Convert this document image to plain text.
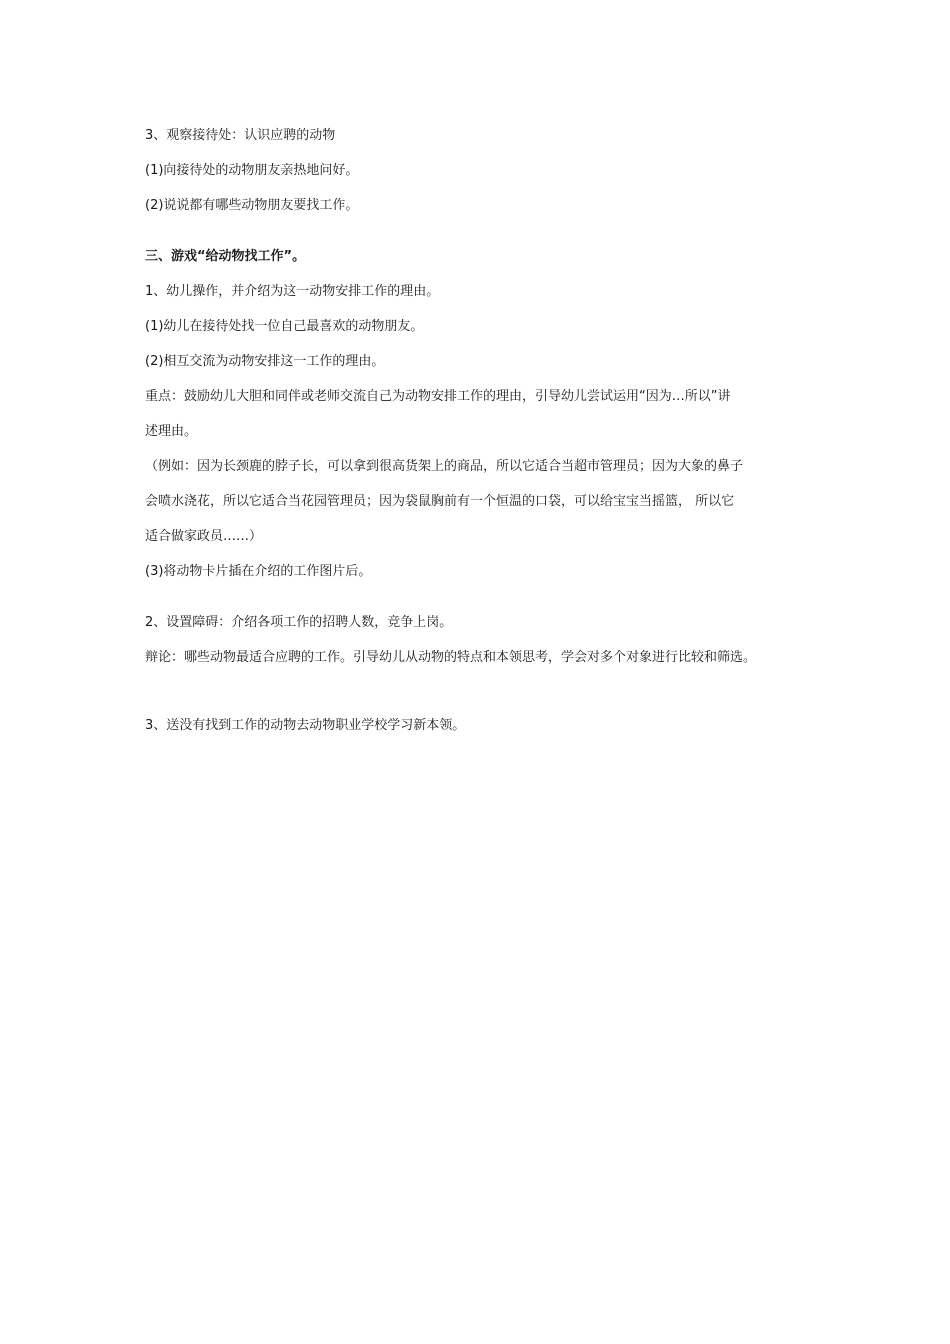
3、观察接待处：认识应聘的动物

(1)向接待处的动物朋友亲热地问好。

(2)说说都有哪些动物朋友要找工作。

三、游戏“给动物找工作”。

1、幼儿操作，并介绍为这一动物安排工作的理由。

(1)幼儿在接待处找一位自己最喜欢的动物朋友。

(2)相互交流为动物安排这一工作的理由。

重点：鼓励幼儿大胆和同伴或老师交流自己为动物安排工作的理由，引导幼儿尝试运用“因为…所以”讲

述理由。

（例如：因为长颈鹿的脖子长，可以拿到很高货架上的商品，所以它适合当超市管理员；因为大象的鼻子

会喷水浇花，所以它适合当花园管理员；因为袋鼠胸前有一个恒温的口袋，可以给宝宝当摇篮， 所以它

适合做家政员……）

(3)将动物卡片插在介绍的工作图片后。

2、设置障碍：介绍各项工作的招聘人数，竞争上岗。

辩论：哪些动物最适合应聘的工作。引导幼儿从动物的特点和本领思考，学会对多个对象进行比较和筛选。

3、送没有找到工作的动物去动物职业学校学习新本领。
